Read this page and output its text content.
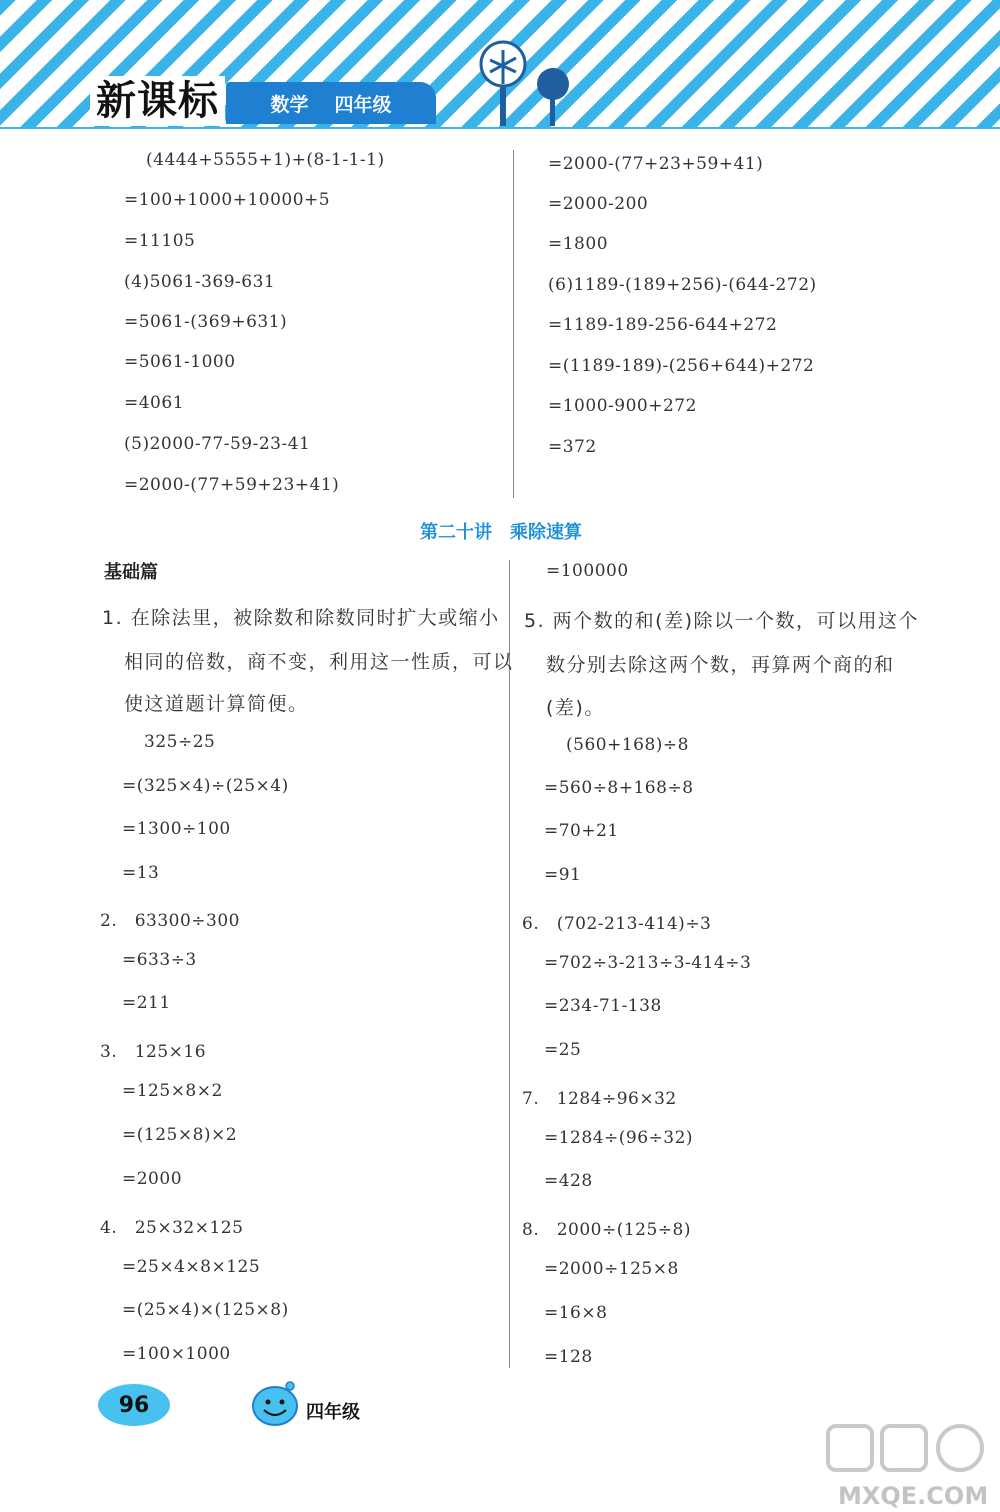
新课标	数学 四年级
(4444+5555+1)+(8-1-1-1)
=100+1000+10000+5
=11105
(4)5061-369-631
=5061-(369+631)
=5061-1000
=4061
(5)2000-77-59-23-41
=2000-(77+59+23+41)
=2000-(77+23+59+41)
=2000-200
=1800
(6)1189-(189+256)-(644-272)
=1189-189-256-644+272
=(1189-189)-(256+644)+272
=1000-900+272
=372
第二十讲　乘除速算
基础篇
1. 在除法里，被除数和除数同时扩大或缩小
相同的倍数，商不变，利用这一性质，可以
使这道题计算简便。
325÷25
=(325×4)÷(25×4)
=1300÷100
=13
2.　63300÷300
=633÷3
=211
3.　125×16
=125×8×2
=(125×8)×2
=2000
4.　25×32×125
=25×4×8×125
=(25×4)×(125×8)
=100×1000
=100000
5. 两个数的和(差)除以一个数，可以用这个
数分别去除这两个数，再算两个商的和
(差)。
(560+168)÷8
=560÷8+168÷8
=70+21
=91
6.　(702-213-414)÷3
=702÷3-213÷3-414÷3
=234-71-138
=25
7.　1284÷96×32
=1284÷(96÷32)
=428
8.　2000÷(125÷8)
=2000÷125×8
=16×8
=128
96	四年级
MXQE.COM
